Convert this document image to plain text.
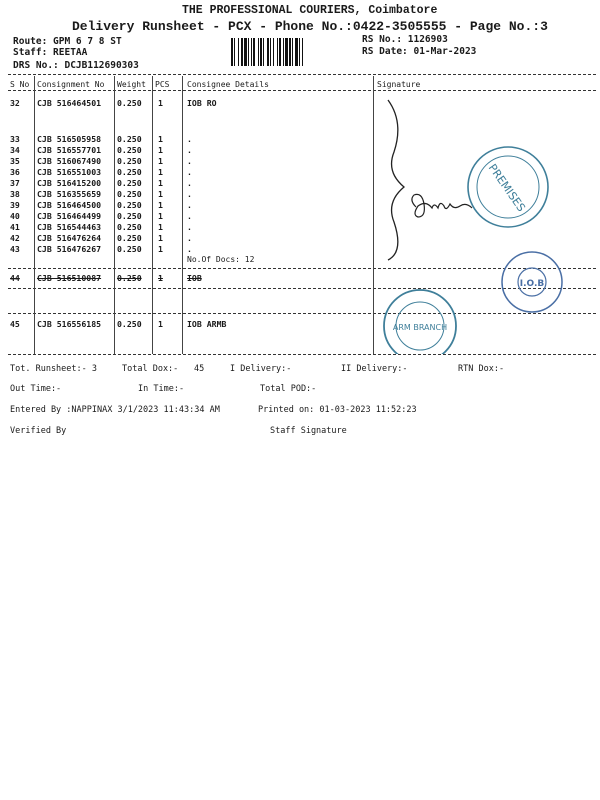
THE PROFESSIONAL COURIERS, Coimbatore
Delivery Runsheet - PCX - Phone No.:0422-3505555 - Page No.:3
Route: GPM 6 7 8 ST
Staff: REETAA
DRS No.: DCJB112690303
RS No.: 1126903
RS Date: 01-Mar-2023
S No Consignment No Weight PCS Consignee Details	Signature
32 CJB 516464501 0.250 1	IOB RO
33 CJB 516505958 0.250 1	.
34 CJB 516557701 0.250 1	.
35 CJB 516067490 0.250 1	.
36 CJB 516551003 0.250 1	.
37 CJB 516415200 0.250 1	.
38 CJB 516355659 0.250 1	.
39 CJB 516464500 0.250 1	.
40 CJB 516464499 0.250 1	.
41 CJB 516544463 0.250 1	.
42 CJB 516476264 0.250 1	.
43 CJB 516476267 0.250 1	.
No.Of Docs: 12
44 CJB 516510087 0.250 1	IOB
45 CJB 516556185 0.250 1	IOB ARMB
PREMISES
I.O.B
ARM BRANCH
Tot. Runsheet:- 3	Total Dox:- 45	I Delivery:-	II Delivery:-	RTN Dox:-
Out Time:-	In Time:-	Total POD:-
Entered By :NAPPINAX 3/1/2023 11:43:34 AM	Printed on: 01-03-2023 11:52:23
Verified By	Staff Signature
